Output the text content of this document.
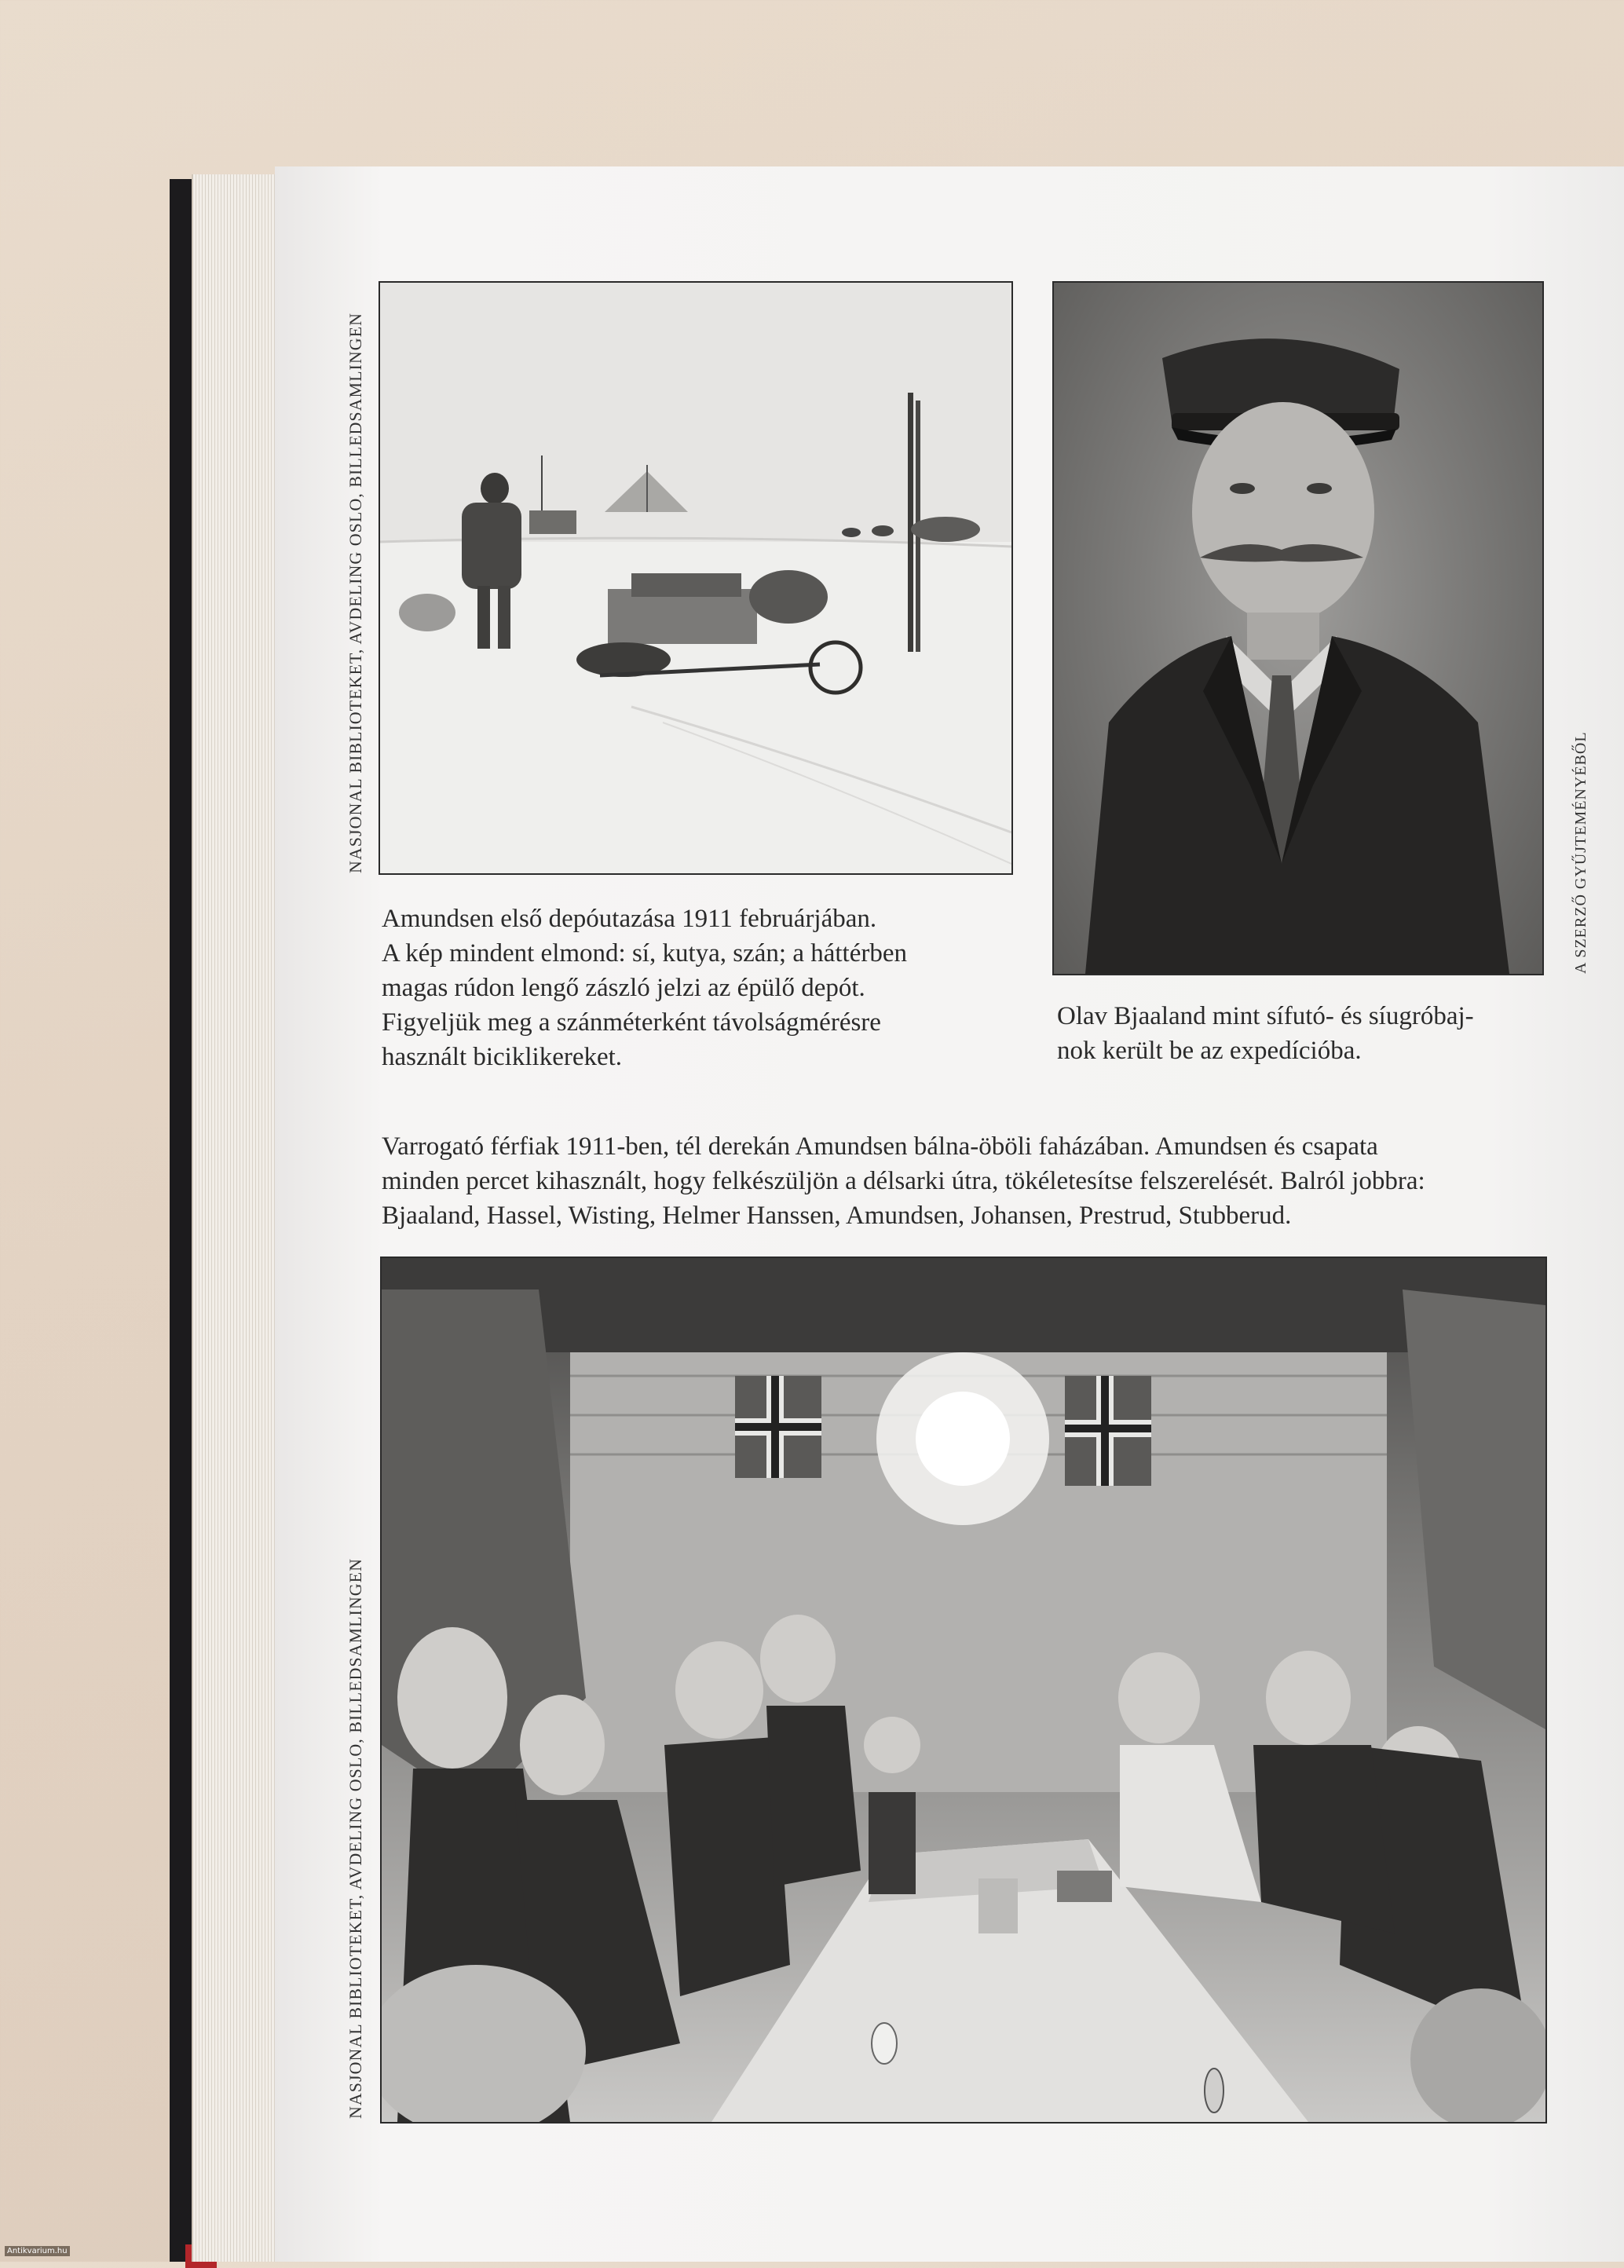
Amundsen első depóutazása 1911 februárjában.
A kép mindent elmond: sí, kutya, szán; a háttérben
magas rúdon lengő zászló jelzi az épülő depót.
Figyeljük meg a szánméterként távolságmérésre
használt biciklikereket.
Olav Bjaaland mint sífutó- és síugróbaj-
nok került be az expedícióba.
Varrogató férfiak 1911-ben, tél derekán Amundsen bálna-öböli faházában. Amundsen és csapata
minden percet kihasznált, hogy felkészüljön a délsarki útra, tökéletesítse felszerelését. Balról jobbra:
Bjaaland, Hassel, Wisting, Helmer Hanssen, Amundsen, Johansen, Prestrud, Stubberud.
NASJONAL BIBLIOTEKET, AVDELING OSLO, BILLEDSAMLINGEN
NASJONAL BIBLIOTEKET, AVDELING OSLO, BILLEDSAMLINGEN
A SZERZŐ GYŰJTEMÉNYÉBŐL
Antikvarium.hu
